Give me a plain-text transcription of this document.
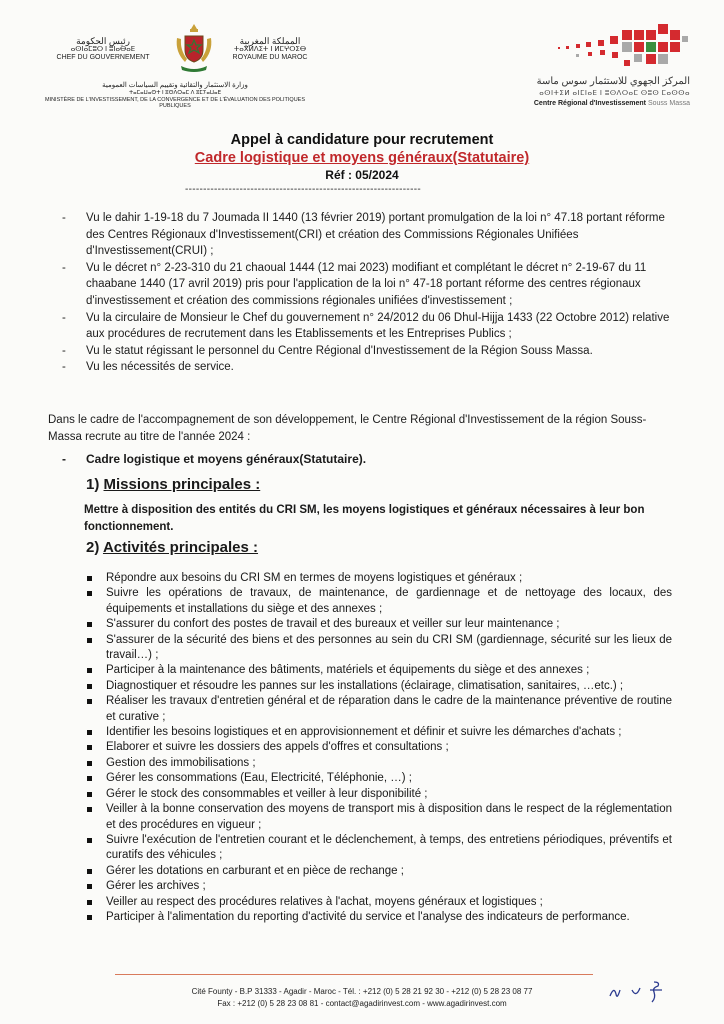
رئيس الحكومة
ⴰⵙⵏⴰⵎⵓⵔ ⵏ ⵓⵏⴰⴱⴰⴹ
CHEF DU GOUVERNEMENT
المملكة المغربية
ⵜⴰⴳⵍⴷⵉⵜ ⵏ ⵍⵎⵖⵔⵉⴱ
ROYAUME DU MAROC
وزارة الاستثمار والتقائية وتقييم السياسات العمومية
ⵜⴰⵎⴰⵡⴰⵙⵜ ⵏ ⵓⵙⴷⵔⴰⵎ ⴷ ⵓⵎⵢⴰⵡⴰⴹ
MINISTÈRE DE L'INVESTISSEMENT, DE LA CONVERGENCE ET DE L'ÉVALUATION DES POLITIQUES PUBLIQUES
المركز الجهوي للاستثمار سوس ماسة
ⴰⵙⵏⵜⵉⵍ ⴰⵏⵎⵏⴰⴹ ⵏ ⵓⵙⴷⵔⴰⵎ ⵙⵓⵙ ⵎⴰⵙⵙⴰ
Centre Régional d'Investissement Souss Massa
Appel à candidature pour recrutement
Cadre logistique et moyens généraux(Statutaire)
Réf : 05/2024
-----------------------------------------------------------------
- Vu le dahir 1-19-18 du 7 Joumada II 1440 (13 février 2019) portant promulgation de la loi n° 47.18 portant réforme des Centres Régionaux d'Investissement(CRI) et création des Commissions Régionales Unifiées d'Investissement(CRUI) ;
- Vu le décret n° 2-23-310 du 21 chaoual 1444 (12 mai 2023) modifiant et complétant le décret n° 2-19-67 du 11 chaabane 1440 (17 avril 2019) pris pour l'application de la loi n° 47-18 portant réforme des centres régionaux d'investissement et création des commissions régionales unifiées d'investissement ;
- Vu la circulaire de Monsieur le Chef du gouvernement n° 24/2012 du 06 Dhul-Hijja 1433 (22 Octobre 2012) relative aux procédures de recrutement dans les Etablissements et les Entreprises Publics ;
- Vu le statut régissant le personnel du Centre Régional d'Investissement de la Région Souss Massa.
- Vu les nécessités de service.

Dans le cadre de l'accompagnement de son développement, le Centre Régional d'Investissement de la région Souss-Massa recrute au titre de l'année 2024 :

- Cadre logistique et moyens généraux(Statutaire).
1) Missions principales :

Mettre à disposition des entités du CRI SM, les moyens logistiques et généraux nécessaires à leur bon fonctionnement.

2) Activités principales :
Répondre aux besoins du CRI SM en termes de moyens logistiques et généraux ;
Suivre les opérations de travaux, de maintenance, de gardiennage et de nettoyage des locaux, des équipements et installations du siège et des annexes ;
S'assurer du confort des postes de travail et des bureaux et veiller sur leur maintenance ;
S'assurer de la sécurité des biens et des personnes au sein du CRI SM (gardiennage, sécurité sur les lieux de travail…) ;
Participer à la maintenance des bâtiments, matériels et équipements du siège et des annexes ;
Diagnostiquer et résoudre les pannes sur les installations (éclairage, climatisation, sanitaires, …etc.) ;
Réaliser les travaux d'entretien général et de réparation dans le cadre de la maintenance préventive de routine et curative ;
Identifier les besoins logistiques et en approvisionnement et définir et suivre les démarches d'achats ;
Elaborer et suivre les dossiers des appels d'offres et consultations ;
Gestion des immobilisations ;
Gérer les consommations (Eau, Electricité, Téléphonie, …) ;
Gérer le stock des consommables et veiller à leur disponibilité ;
Veiller à la bonne conservation des moyens de transport mis à disposition dans le respect de la réglementation et des procédures en vigueur ;
Suivre l'exécution de l'entretien courant et le déclenchement, à temps, des entretiens périodiques, préventifs et curatifs des véhicules ;
Gérer les dotations en carburant et en pièce de rechange ;
Gérer les archives ;
Veiller au respect des procédures relatives à l'achat, moyens généraux et logistiques ;
Participer à l'alimentation du reporting d'activité du service et l'analyse des indicateurs de performance.
Cité Founty - B.P 31333 - Agadir - Maroc - Tél. : +212 (0) 5 28 21 92 30 - +212 (0) 5 28 23 08 77
Fax : +212 (0) 5 28 23 08 81 - contact@agadirinvest.com - www.agadirinvest.com
